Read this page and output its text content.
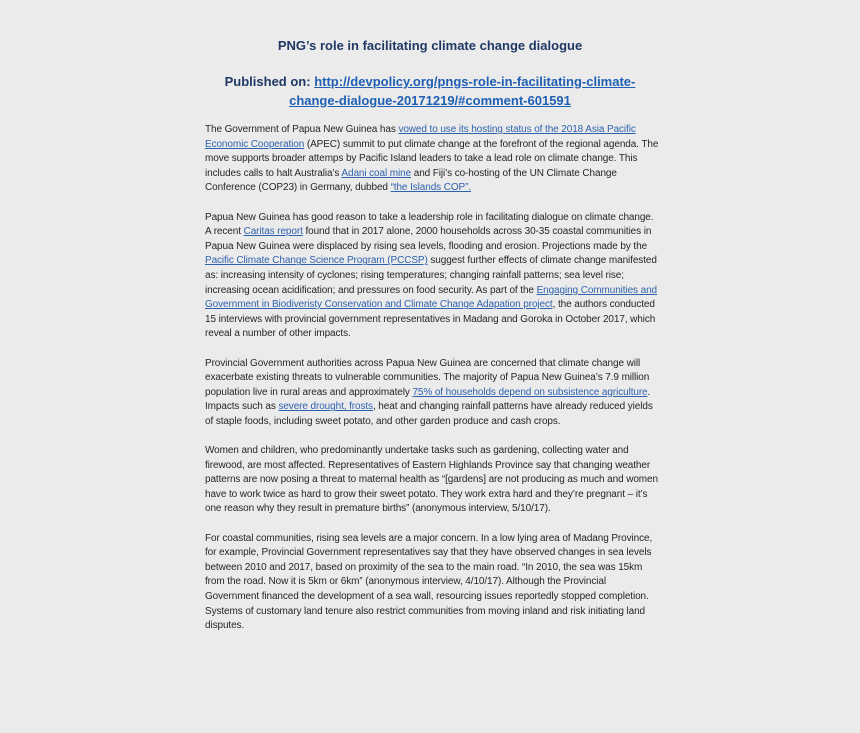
PNG’s role in facilitating climate change dialogue
Published on: http://devpolicy.org/pngs-role-in-facilitating-climate-change-dialogue-20171219/#comment-601591

The Government of Papua New Guinea has vowed to use its hosting status of the 2018 Asia Pacific Economic Cooperation (APEC) summit to put climate change at the forefront of the regional agenda. The move supports broader attemps by Pacific Island leaders to take a lead role on climate change. This includes calls to halt Australia’s Adani coal mine and Fiji’s co-hosting of the UN Climate Change Conference (COP23) in Germany, dubbed “the Islands COP”.

Papua New Guinea has good reason to take a leadership role in facilitating dialogue on climate change. A recent Caritas report found that in 2017 alone, 2000 households across 30-35 coastal communities in Papua New Guinea were displaced by rising sea levels, flooding and erosion. Projections made by the Pacific Climate Change Science Program (PCCSP) suggest further effects of climate change manifested as: increasing intensity of cyclones; rising temperatures; changing rainfall patterns; sea level rise; increasing ocean acidification; and pressures on food security. As part of the Engaging Communities and Government in Biodiveristy Conservation and Climate Change Adapation project, the authors conducted 15 interviews with provincial government representatives in Madang and Goroka in October 2017, which reveal a number of other impacts.

Provincial Government authorities across Papua New Guinea are concerned that climate change will exacerbate existing threats to vulnerable communities. The majority of Papua New Guinea’s 7.9 million population live in rural areas and approximately 75% of households depend on subsistence agriculture. Impacts such as severe drought, frosts, heat and changing rainfall patterns have already reduced yields of staple foods, including sweet potato, and other garden produce and cash crops.

Women and children, who predominantly undertake tasks such as gardening, collecting water and firewood, are most affected. Representatives of Eastern Highlands Province say that changing weather patterns are now posing a threat to maternal health as “[gardens] are not producing as much and women have to work twice as hard to grow their sweet potato. They work extra hard and they’re pregnant – it’s one reason why they result in premature births” (anonymous interview, 5/10/17).

For coastal communities, rising sea levels are a major concern. In a low lying area of Madang Province, for example, Provincial Government representatives say that they have observed changes in sea levels between 2010 and 2017, based on proximity of the sea to the main road. “In 2010, the sea was 15km from the road. Now it is 5km or 6km” (anonymous interview, 4/10/17). Although the Provincial Government financed the development of a sea wall, resourcing issues reportedly stopped completion. Systems of customary land tenure also restrict communities from moving inland and risk initiating land disputes.
